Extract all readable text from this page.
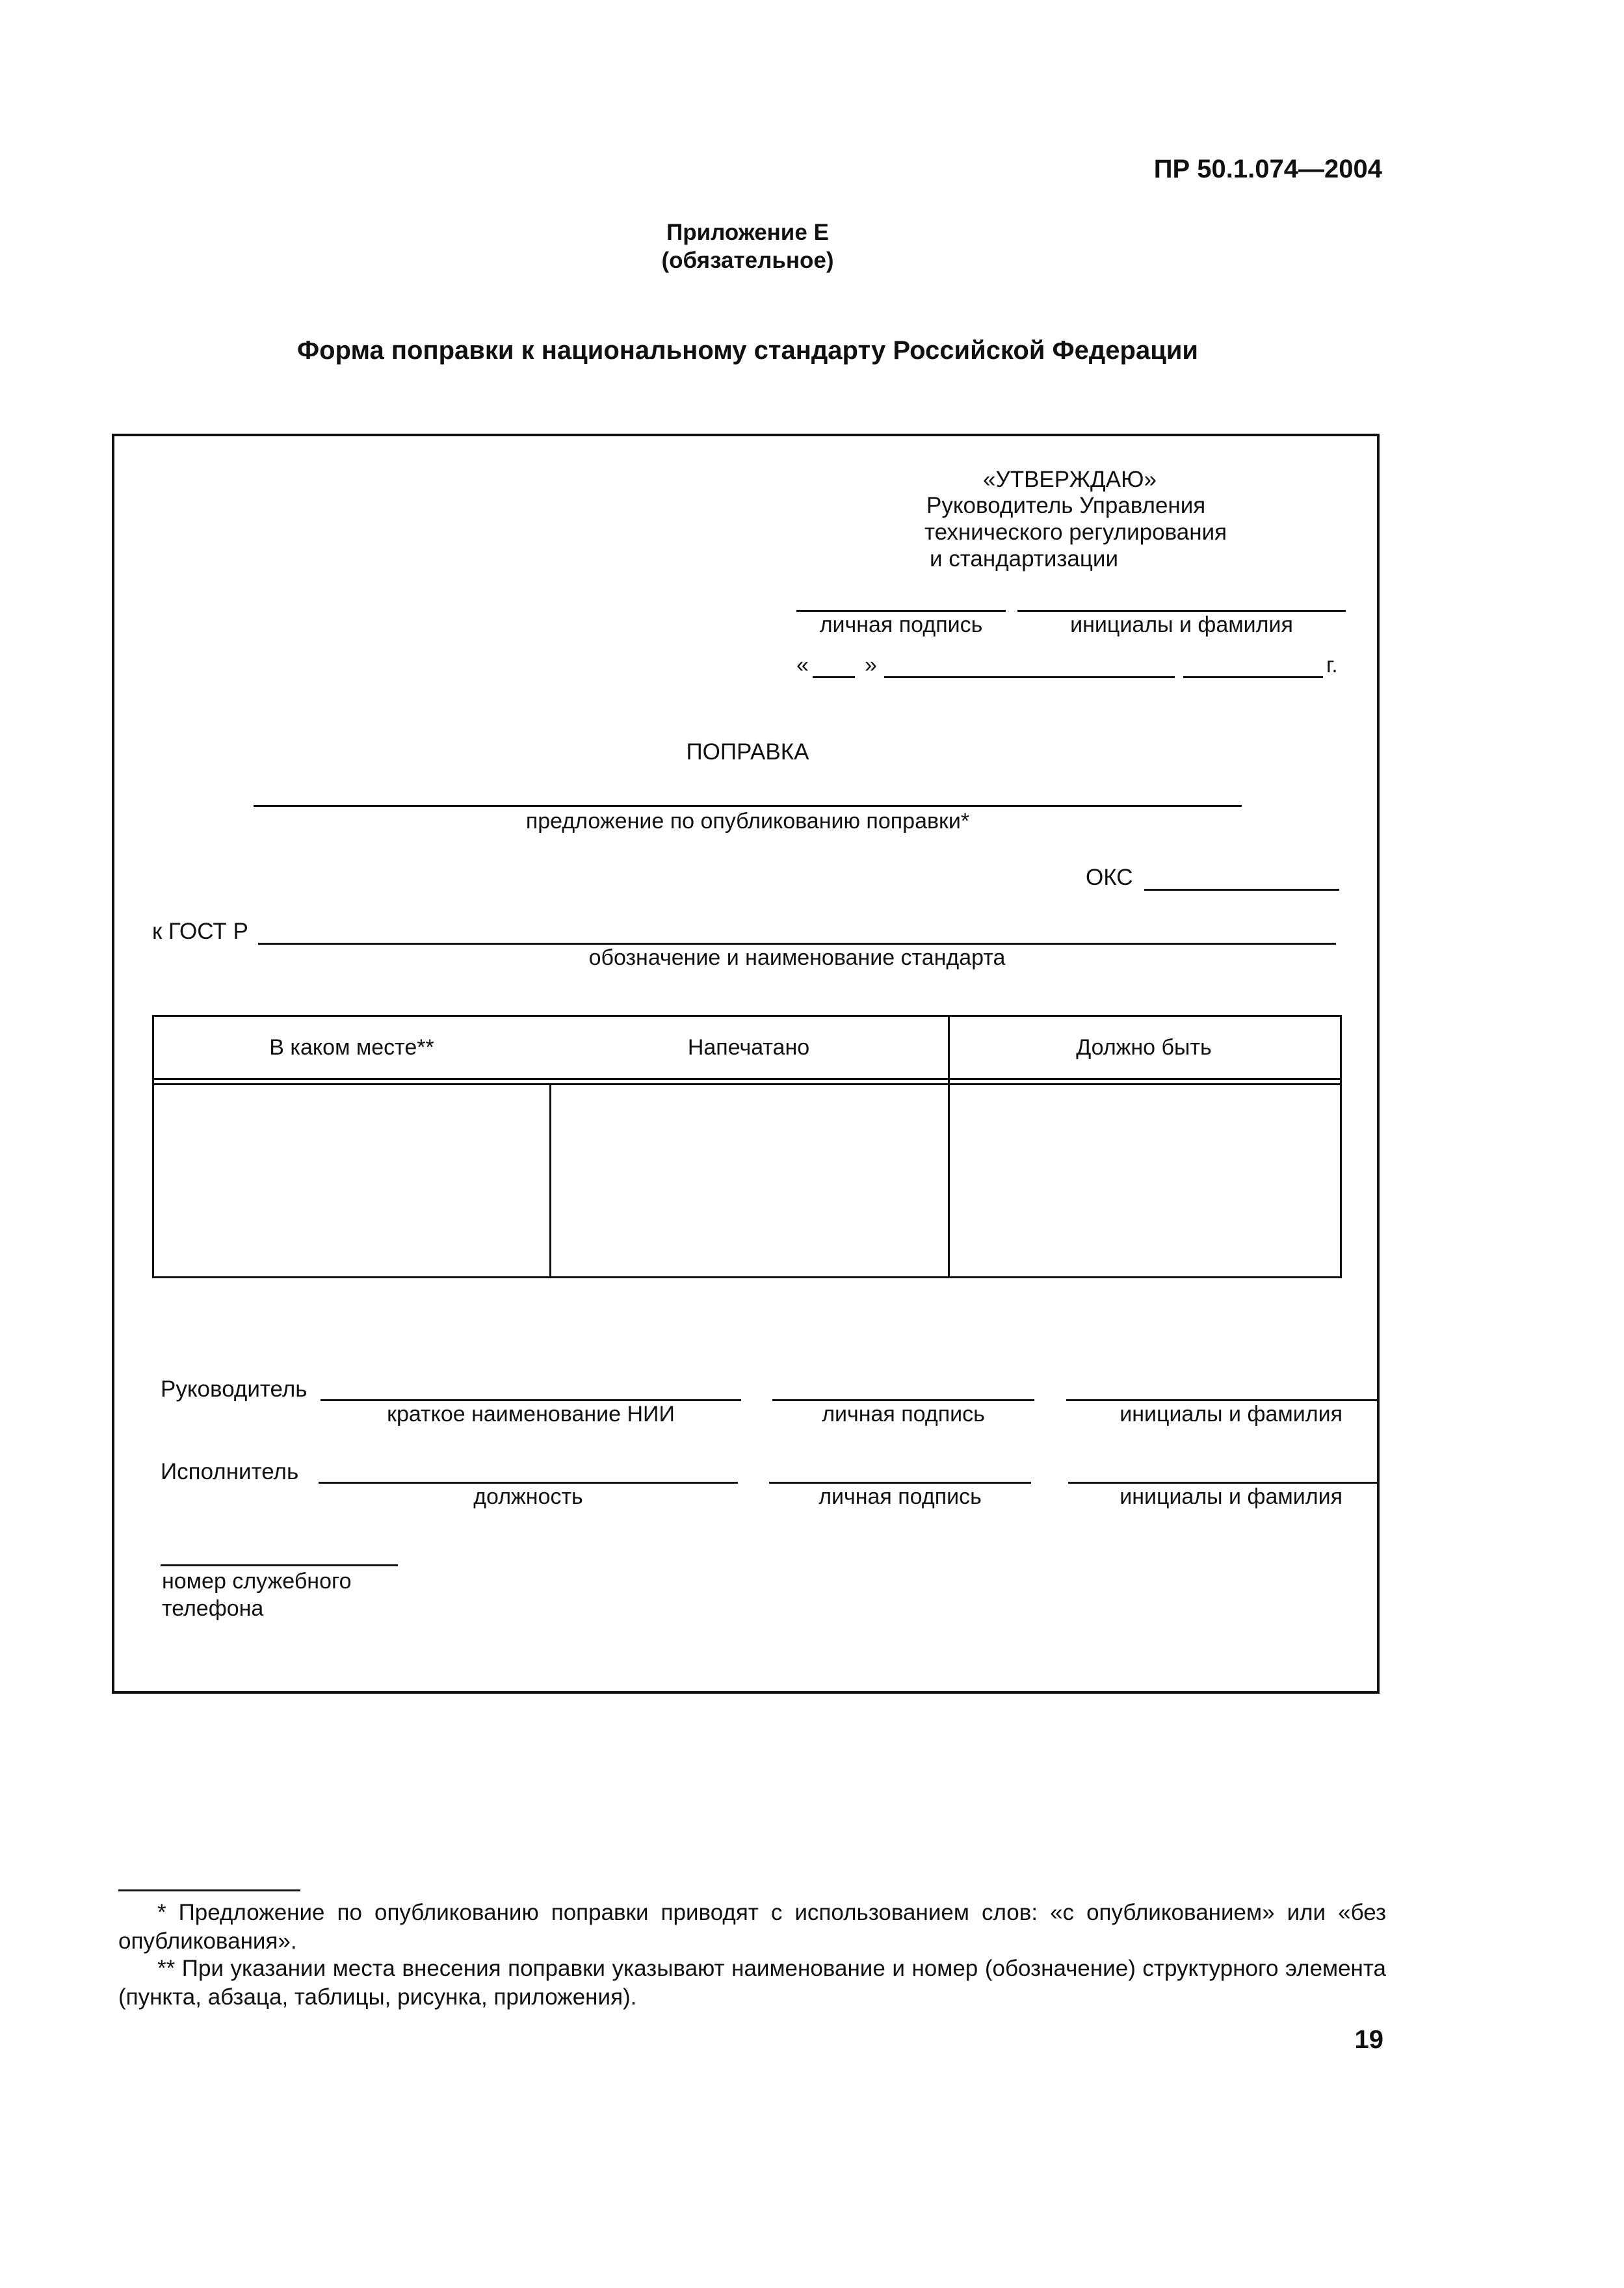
ПР 50.1.074—2004
Приложение Е
(обязательное)
Форма поправки к национальному стандарту Российской Федерации
«УТВЕРЖДАЮ»
Руководитель Управления
технического регулирования
и стандартизации
личная подпись	инициалы и фамилия
«	»	г.
ПОПРАВКА
предложение по опубликованию поправки*
ОКС
к ГОСТ Р
обозначение и наименование стандарта
В каком месте**	Напечатано	Должно быть
Руководитель
краткое наименование НИИ	личная подпись	инициалы и фамилия
Исполнитель
должность	личная подпись	инициалы и фамилия
номер служебного
телефона
* Предложение по опубликованию поправки приводят с использованием слов: «с опубликованием» или «без опубликования».
** При указании места внесения поправки указывают наименование и номер (обозначение) структурного элемента (пункта, абзаца, таблицы, рисунка, приложения).
19
